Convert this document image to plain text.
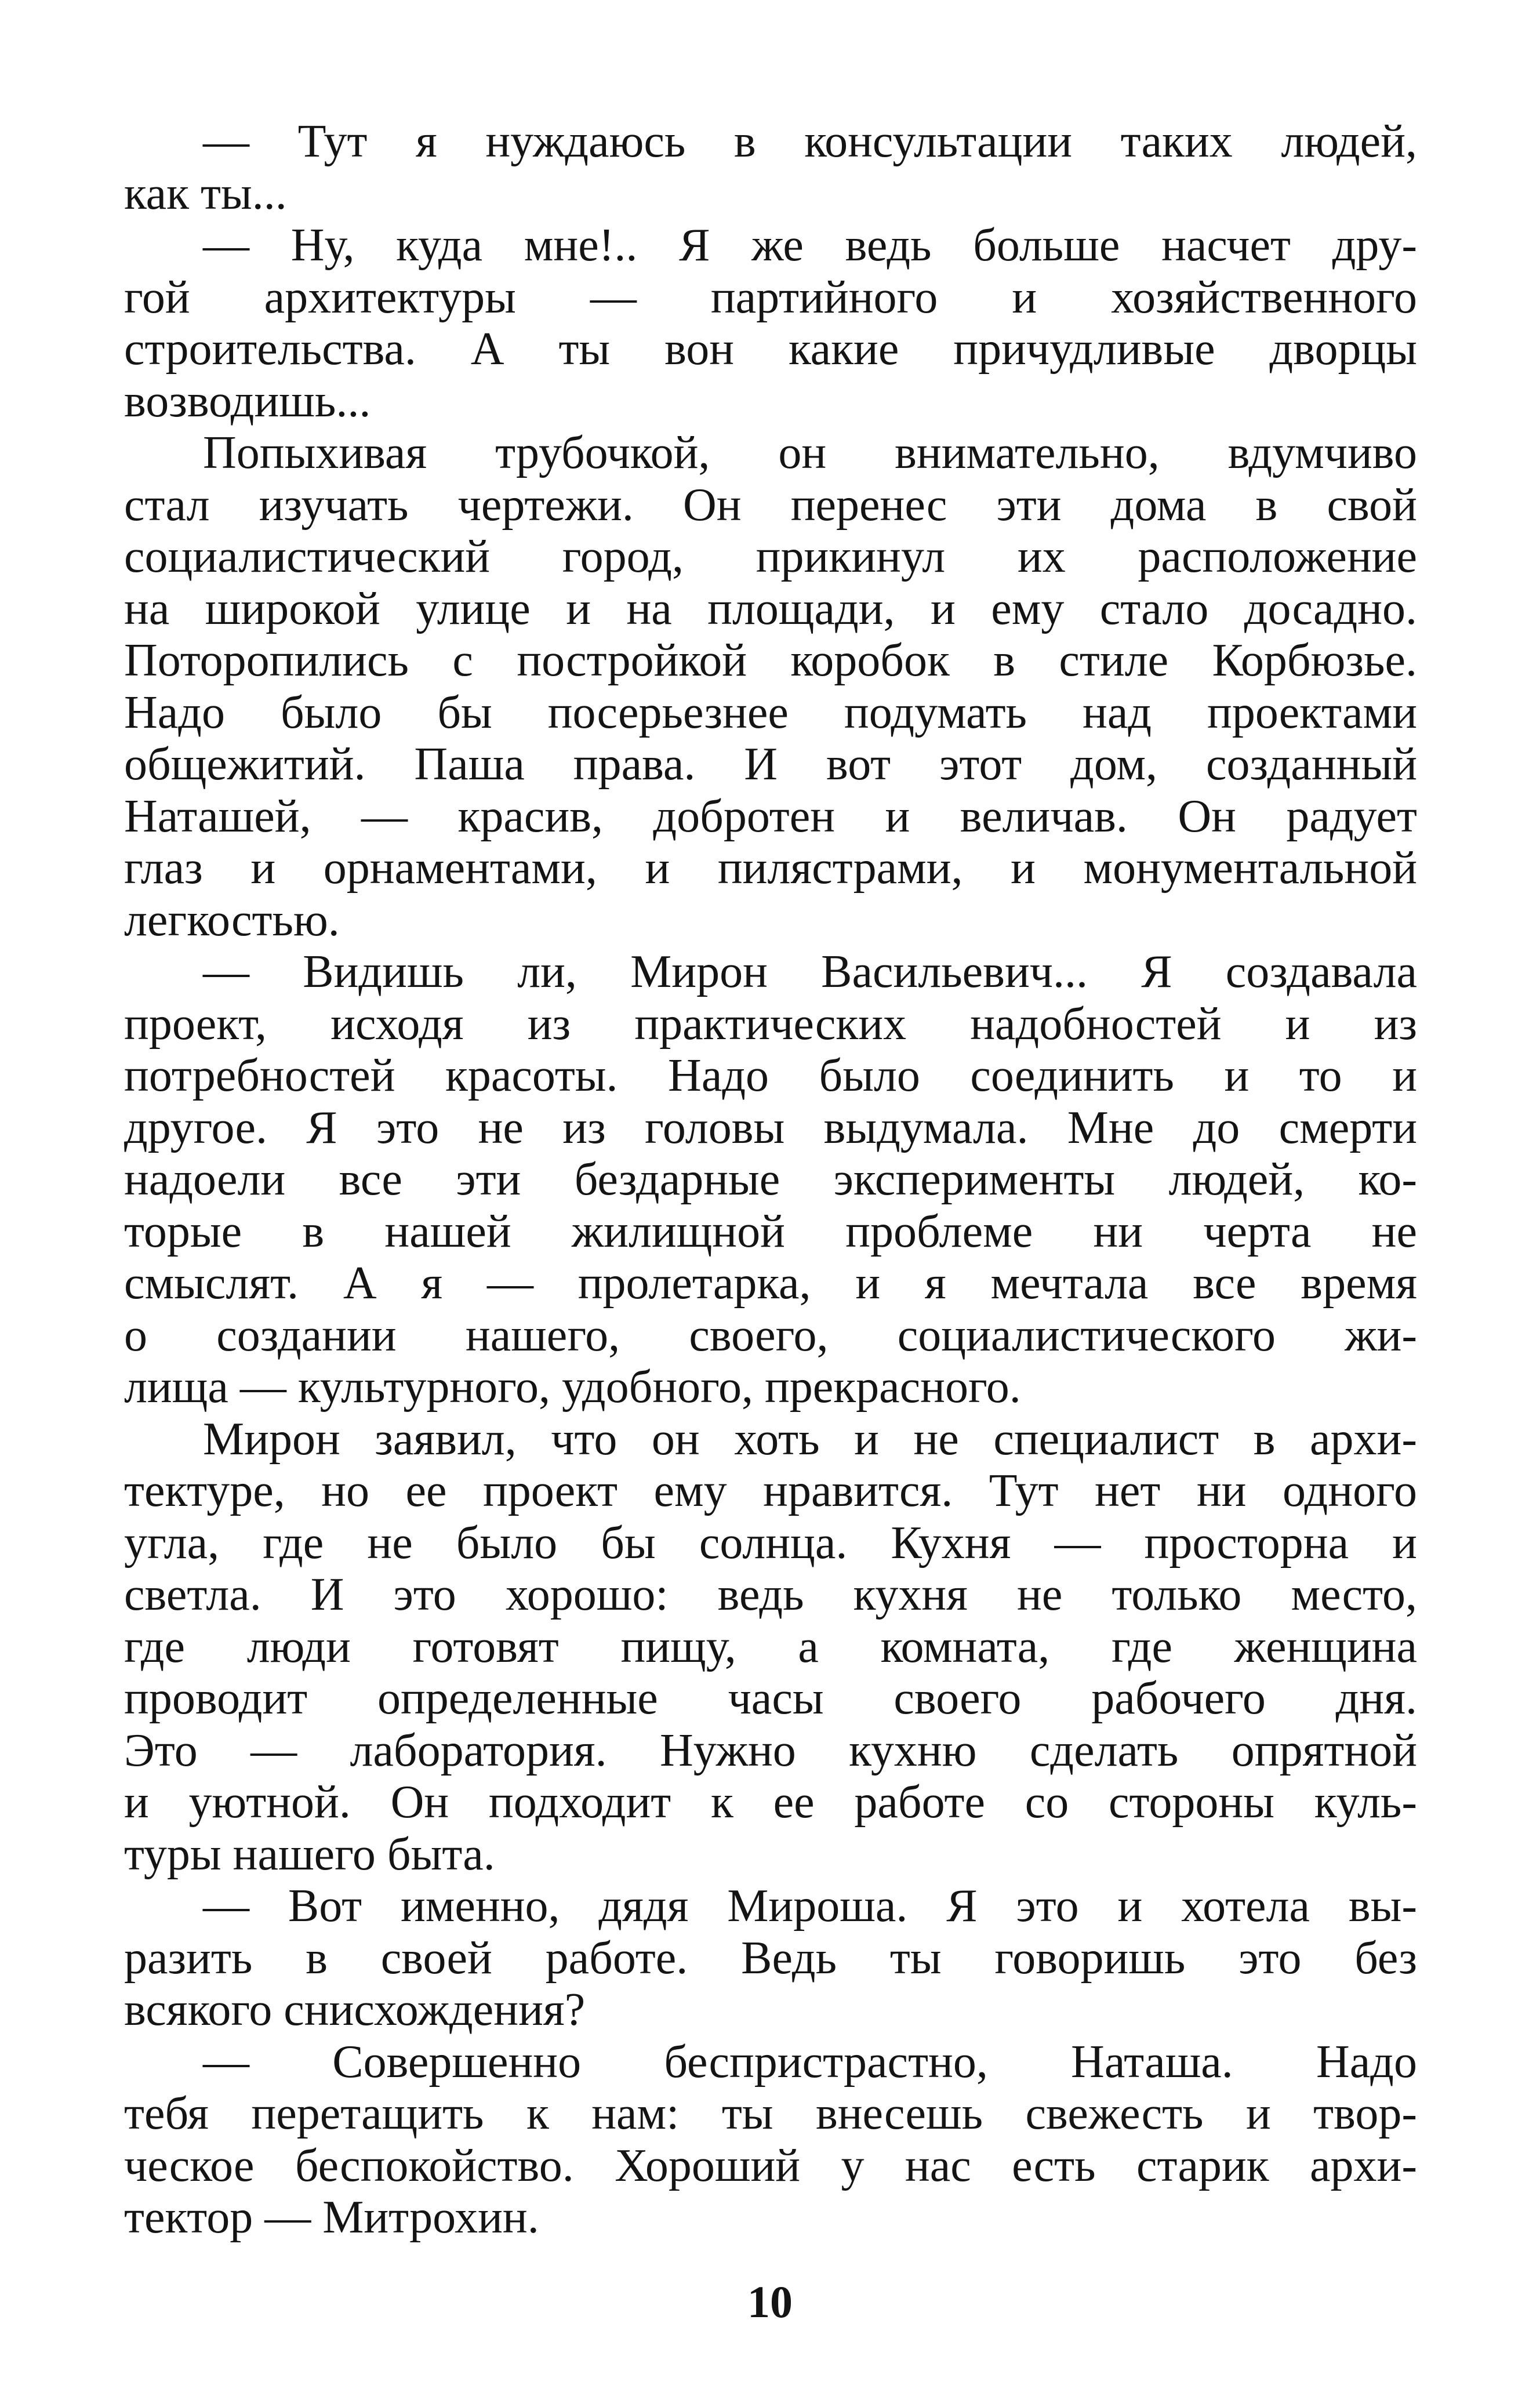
— Тут я нуждаюсь в консультации таких людей,
как ты...
— Ну, куда мне!.. Я же ведь больше насчет дру-
гой архитектуры — партийного и хозяйственного
строительства. А ты вон какие причудливые дворцы
возводишь...
Попыхивая трубочкой, он внимательно, вдумчиво
стал изучать чертежи. Он перенес эти дома в свой
социалистический город, прикинул их расположение
на широкой улице и на площади, и ему стало досадно.
Поторопились с постройкой коробок в стиле Корбюзье.
Надо было бы посерьезнее подумать над проектами
общежитий. Паша права. И вот этот дом, созданный
Наташей, — красив, добротен и величав. Он радует
глаз и орнаментами, и пилястрами, и монументальной
легкостью.
— Видишь ли, Мирон Васильевич... Я создавала
проект, исходя из практических надобностей и из
потребностей красоты. Надо было соединить и то и
другое. Я это не из головы выдумала. Мне до смерти
надоели все эти бездарные эксперименты людей, ко-
торые в нашей жилищной проблеме ни черта не
смыслят. А я — пролетарка, и я мечтала все время
о создании нашего, своего, социалистического жи-
лища — культурного, удобного, прекрасного.
Мирон заявил, что он хоть и не специалист в архи-
тектуре, но ее проект ему нравится. Тут нет ни одного
угла, где не было бы солнца. Кухня — просторна и
светла. И это хорошо: ведь кухня не только место,
где люди готовят пищу, а комната, где женщина
проводит определенные часы своего рабочего дня.
Это — лаборатория. Нужно кухню сделать опрятной
и уютной. Он подходит к ее работе со стороны куль-
туры нашего быта.
— Вот именно, дядя Мироша. Я это и хотела вы-
разить в своей работе. Ведь ты говоришь это без
всякого снисхождения?
— Совершенно беспристрастно, Наташа. Надо
тебя перетащить к нам: ты внесешь свежесть и твор-
ческое беспокойство. Хороший у нас есть старик архи-
тектор — Митрохин.
10
